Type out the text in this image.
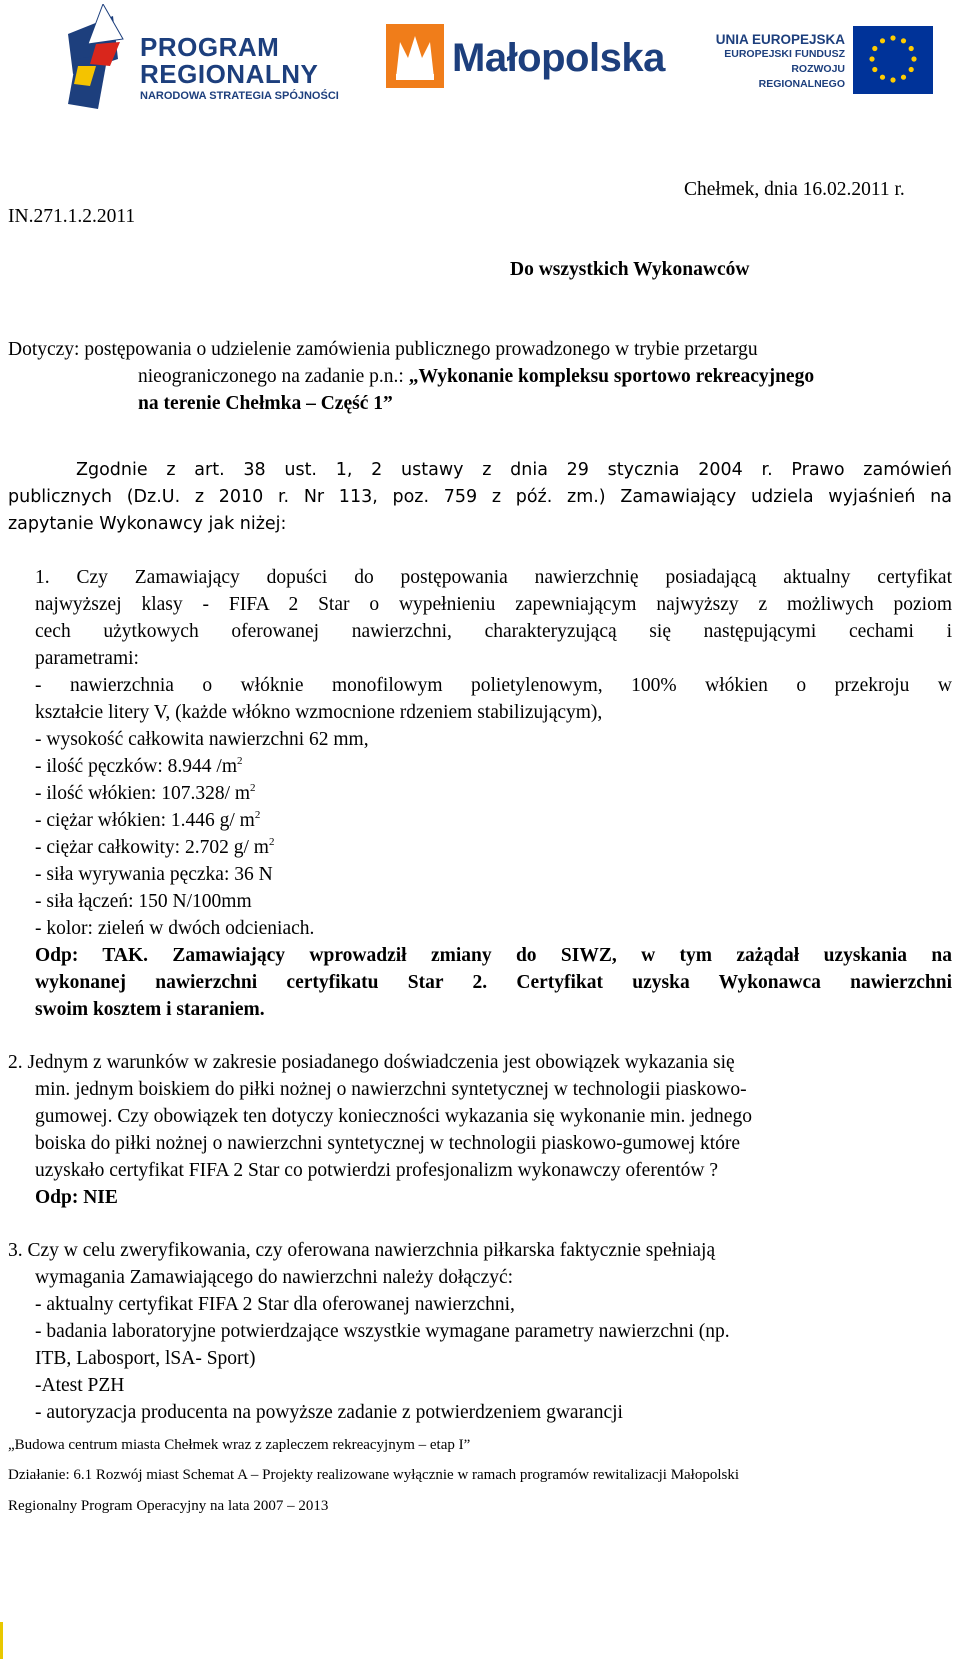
PROGRAM
REGIONALNY
NARODOWA STRATEGIA SPÓJNOŚCI
Małopolska	UNIA EUROPEJSKA
EUROPEJSKI FUNDUSZ
ROZWOJU REGIONALNEGO
IN.271.1.2.2011
Chełmek, dnia 16.02.2011 r.
Do wszystkich Wykonawców
Dotyczy: postępowania o udzielenie zamówienia publicznego prowadzonego w trybie przetargu
nieograniczonego na zadanie p.n.: „Wykonanie kompleksu sportowo rekreacyjnego
na terenie Chełmka – Część 1”
Zgodnie z art. 38 ust. 1, 2 ustawy z dnia 29 stycznia 2004 r. Prawo zamówień
publicznych (Dz.U. z 2010 r. Nr 113, poz. 759 z póź. zm.) Zamawiający udziela wyjaśnień na
zapytanie Wykonawcy jak niżej:
1. Czy Zamawiający dopuści do postępowania nawierzchnię posiadającą aktualny certyfikat
najwyższej klasy - FIFA 2 Star o wypełnieniu zapewniającym najwyższy z możliwych poziom
cech użytkowych oferowanej nawierzchni, charakteryzującą się następującymi cechami i
parametrami:
- nawierzchnia o włóknie monofilowym polietylenowym, 100% włókien o przekroju w
kształcie litery V, (każde włókno wzmocnione rdzeniem stabilizującym),
- wysokość całkowita nawierzchni 62 mm,
- ilość pęczków: 8.944 $/m^2$
- ilość włókien: 107.328/ $m^2$
- ciężar włókien: 1.446 g/ $m^2$
- ciężar całkowity: 2.702 g/ $m^2$
- siła wyrywania pęczka: 36 N
- siła łączeń: 150 N/100mm
- kolor: zieleń w dwóch odcieniach.
Odp: TAK. Zamawiający wprowadził zmiany do SIWZ, w tym zażądał uzyskania na
wykonanej nawierzchni certyfikatu Star 2. Certyfikat uzyska Wykonawca nawierzchni
swoim kosztem i staraniem.
2. Jednym z warunków w zakresie posiadanego doświadczenia jest obowiązek wykazania się
min. jednym boiskiem do piłki nożnej o nawierzchni syntetycznej w technologii piaskowo-
gumowej. Czy obowiązek ten dotyczy konieczności wykazania się wykonanie min. jednego
boiska do piłki nożnej o nawierzchni syntetycznej w technologii piaskowo-gumowej które
uzyskało certyfikat FIFA 2 Star co potwierdzi profesjonalizm wykonawczy oferentów ?
Odp: NIE
3. Czy w celu zweryfikowania, czy oferowana nawierzchnia piłkarska faktycznie spełniają
wymagania Zamawiającego do nawierzchni należy dołączyć:
- aktualny certyfikat FIFA 2 Star dla oferowanej nawierzchni,
- badania laboratoryjne potwierdzające wszystkie wymagane parametry nawierzchni (np.
ITB, Labosport, lSA- Sport)
-Atest PZH
- autoryzacja producenta na powyższe zadanie z potwierdzeniem gwarancji
„Budowa centrum miasta Chełmek wraz z zapleczem rekreacyjnym – etap I”
Działanie: 6.1 Rozwój miast Schemat A – Projekty realizowane wyłącznie w ramach programów rewitalizacji Małopolski
Regionalny Program Operacyjny na lata 2007 – 2013
